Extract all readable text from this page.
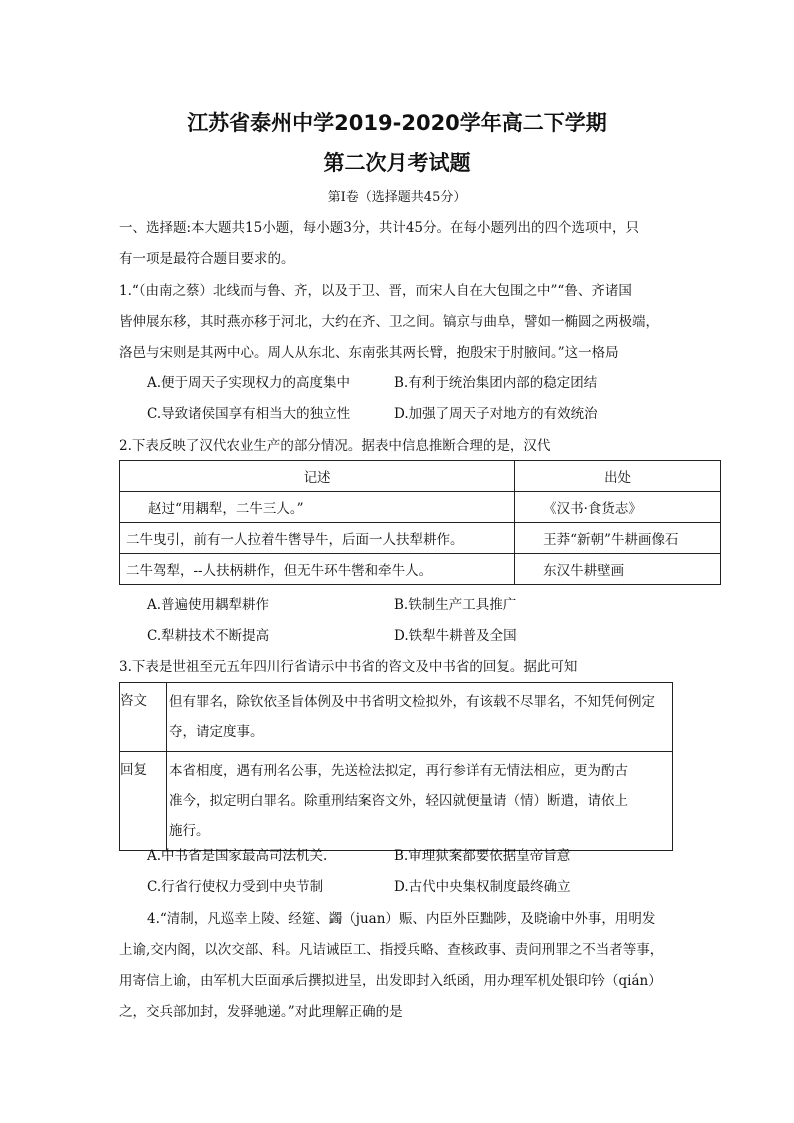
江苏省泰州中学2019-2020学年高二下学期
第二次月考试题
第I卷（选择题共45分）
一、选择题:本大题共15小题，每小题3分，共计45分。在每小题列出的四个选项中，只
有一项是最符合题目要求的。
1.“（由南之蔡）北线而与鲁、齐，以及于卫、晋，而宋人自在大包围之中”“鲁、齐诸国
皆伸展东移，其时燕亦移于河北，大约在齐、卫之间。镐京与曲阜，譬如一椭圆之两极端，
洛邑与宋则是其两中心。周人从东北、东南张其两长臂，抱殷宋于肘腋间。”这一格局
A.便于周天子实现权力的高度集中	B.有利于统治集团内部的稳定团结
C.导致诸侯国享有相当大的独立性	D.加强了周天子对地方的有效统治
2.下表反映了汉代农业生产的部分情况。据表中信息推断合理的是，汉代
记述	出处
赵过“用耦犁，二牛三人。”	《汉书·食货志》
二牛曳引，前有一人拉着牛辔导牛，后面一人扶犁耕作。	王莽“新朝”牛耕画像石
二牛驾犁，--人扶柄耕作，但无牛环牛辔和牵牛人。	东汉牛耕壁画
A.普遍使用耦犁耕作	B.铁制生产工具推广
C.犁耕技术不断提高	D.铁犁牛耕普及全国
3.下表是世祖至元五年四川行省请示中书省的咨文及中书省的回复。据此可知
咨文	但有罪名，除钦依圣旨体例及中书省明文检拟外，有该载不尽罪名，不知凭何例定
夺，请定度事。

回复	本省相度，遇有刑名公事，先送检法拟定，再行参详有无情法相应，更为酌古
准今，拟定明白罪名。除重刑结案咨文外，轻囚就便量请（情）断遣，请依上
施行。
A.中书省是国家最高司法机关.	B.审理狱案都要依据皇帝旨意
C.行省行使权力受到中央节制	D.古代中央集权制度最终确立
4.“清制，凡巡幸上陵、经筵、蠲（juan）赈、内臣外臣黜陟，及晓谕中外事，用明发
上谕,交内阁，以次交部、科。凡诘诫臣工、指授兵略、查核政事、责问刑罪之不当者等事，
用寄信上谕，由军机大臣面承后撰拟进呈，出发即封入纸函，用办理军机处银印钤（qián）
之，交兵部加封，发驿驰递。”对此理解正确的是
